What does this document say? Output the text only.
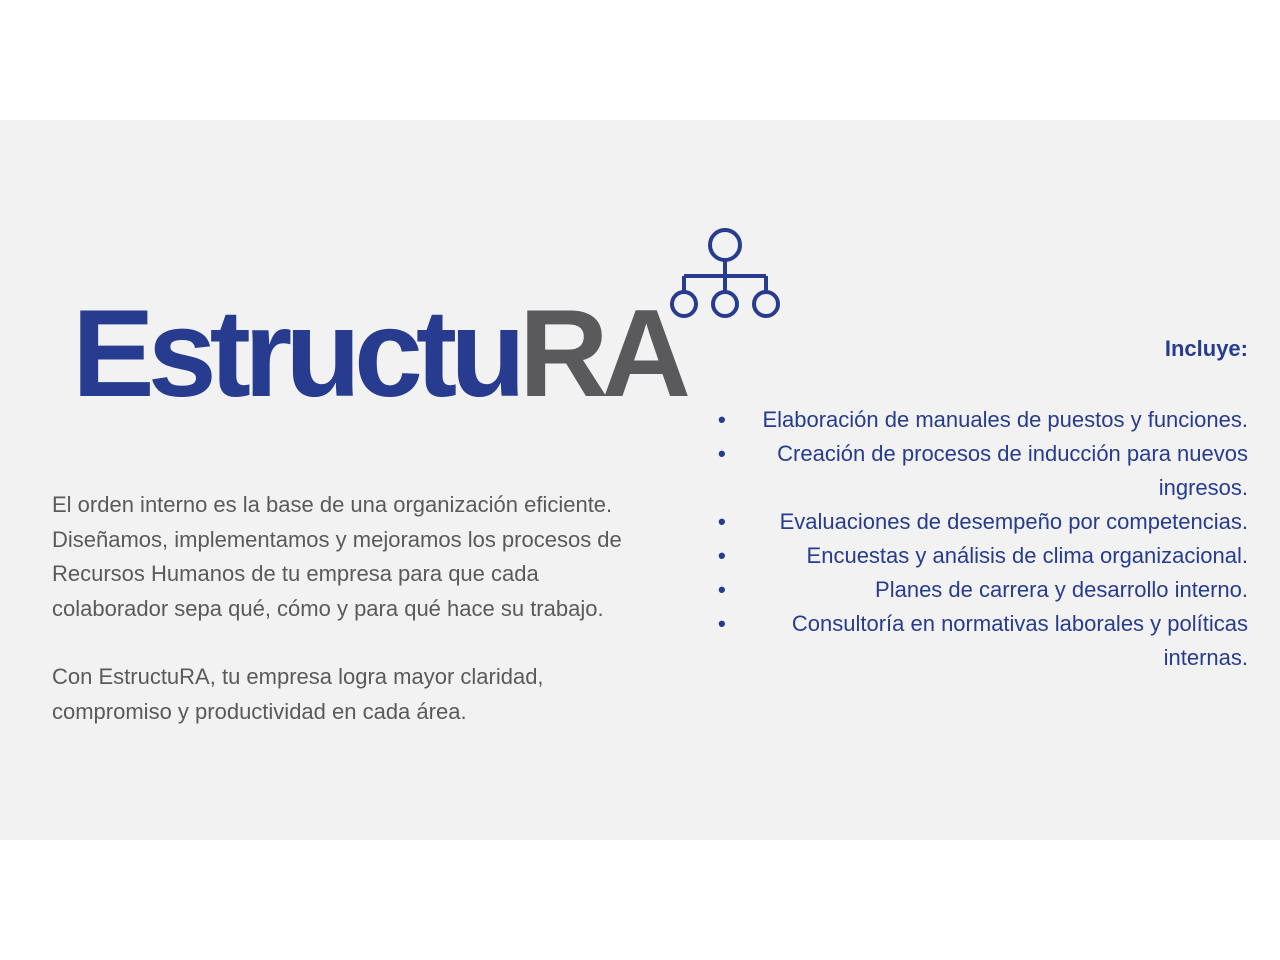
EstructuRA

El orden interno es la base de una organización eficiente. Diseñamos, implementamos y mejoramos los procesos de Recursos Humanos de tu empresa para que cada colaborador sepa qué, cómo y para qué hace su trabajo.

Con EstructuRA, tu empresa logra mayor claridad, compromiso y productividad en cada área.

Incluye:
• Elaboración de manuales de puestos y funciones.
• Creación de procesos de inducción para nuevos ingresos.
• Evaluaciones de desempeño por competencias.
•	Encuestas y análisis de clima organizacional.
•	Planes de carrera y desarrollo interno.
•	Consultoría en normativas laborales y políticas internas.
